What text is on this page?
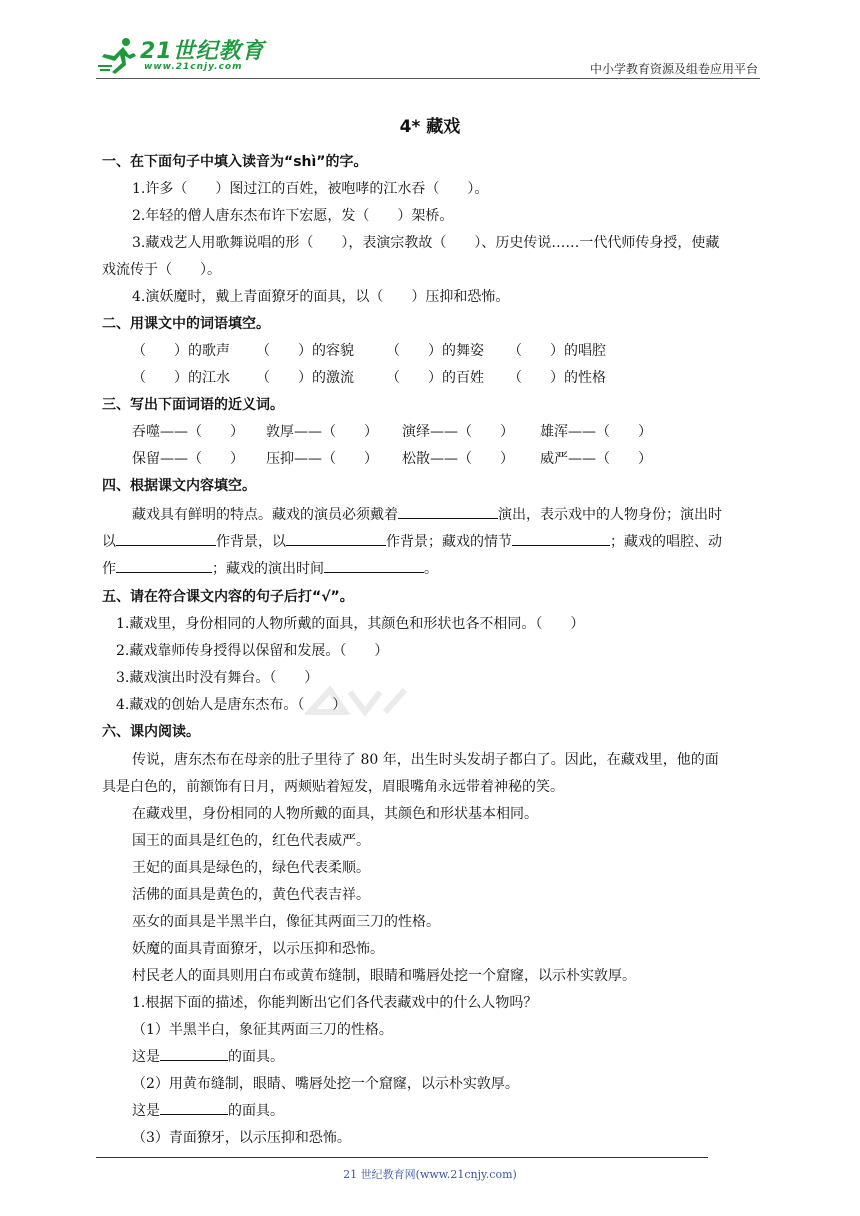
21世纪教育
www.21cnjy.com	中小学教育资源及组卷应用平台
4* 藏戏
一、在下面句子中填入读音为“shì”的字。
1.许多（　　）图过江的百姓，被咆哮的江水吞（　　）。
2.年轻的僧人唐东杰布许下宏愿，发（　　）架桥。
3.藏戏艺人用歌舞说唱的形（　　），表演宗教故（　　）、历史传说……一代代师传身授，使藏
戏流传于（　　）。
4.演妖魔时，戴上青面獠牙的面具，以（　　）压抑和恐怖。
二、用课文中的词语填空。
（　　）的歌声 （　　）的容貌 （　　）的舞姿 （　　）的唱腔
（　　）的江水 （　　）的激流 （　　）的百姓 （　　）的性格
三、写出下面词语的近义词。
吞噬——（　　） 敦厚——（　　） 演绎——（　　） 雄浑——（　　）
保留——（　　） 压抑——（　　） 松散——（　　） 威严——（　　）
四、根据课文内容填空。
藏戏具有鲜明的特点。藏戏的演员必须戴着	演出，表示戏中的人物身份；演出时
以	作背景，以	作背景；藏戏的情节	；藏戏的唱腔、动
作	；藏戏的演出时间	。
五、请在符合课文内容的句子后打“√”。
1.藏戏里，身份相同的人物所戴的面具，其颜色和形状也各不相同。（　　）
2.藏戏靠师传身授得以保留和发展。（　　）
3.藏戏演出时没有舞台。（　　）
4.藏戏的创始人是唐东杰布。（　　）
六、课内阅读。
传说，唐东杰布在母亲的肚子里待了 80 年，出生时头发胡子都白了。因此，在藏戏里，他的面
具是白色的，前额饰有日月，两颊贴着短发，眉眼嘴角永远带着神秘的笑。
在藏戏里，身份相同的人物所戴的面具，其颜色和形状基本相同。
国王的面具是红色的，红色代表威严。
王妃的面具是绿色的，绿色代表柔顺。
活佛的面具是黄色的，黄色代表吉祥。
巫女的面具是半黑半白，像征其两面三刀的性格。
妖魔的面具青面獠牙，以示压抑和恐怖。
村民老人的面具则用白布或黄布缝制，眼睛和嘴唇处挖一个窟窿，以示朴实敦厚。
1.根据下面的描述，你能判断出它们各代表藏戏中的什么人物吗？
（1）半黑半白，象征其两面三刀的性格。
这是	的面具。
（2）用黄布缝制，眼睛、嘴唇处挖一个窟窿，以示朴实敦厚。
这是	的面具。
（3）青面獠牙，以示压抑和恐怖。
21 世纪教育网(www.21cnjy.com)
